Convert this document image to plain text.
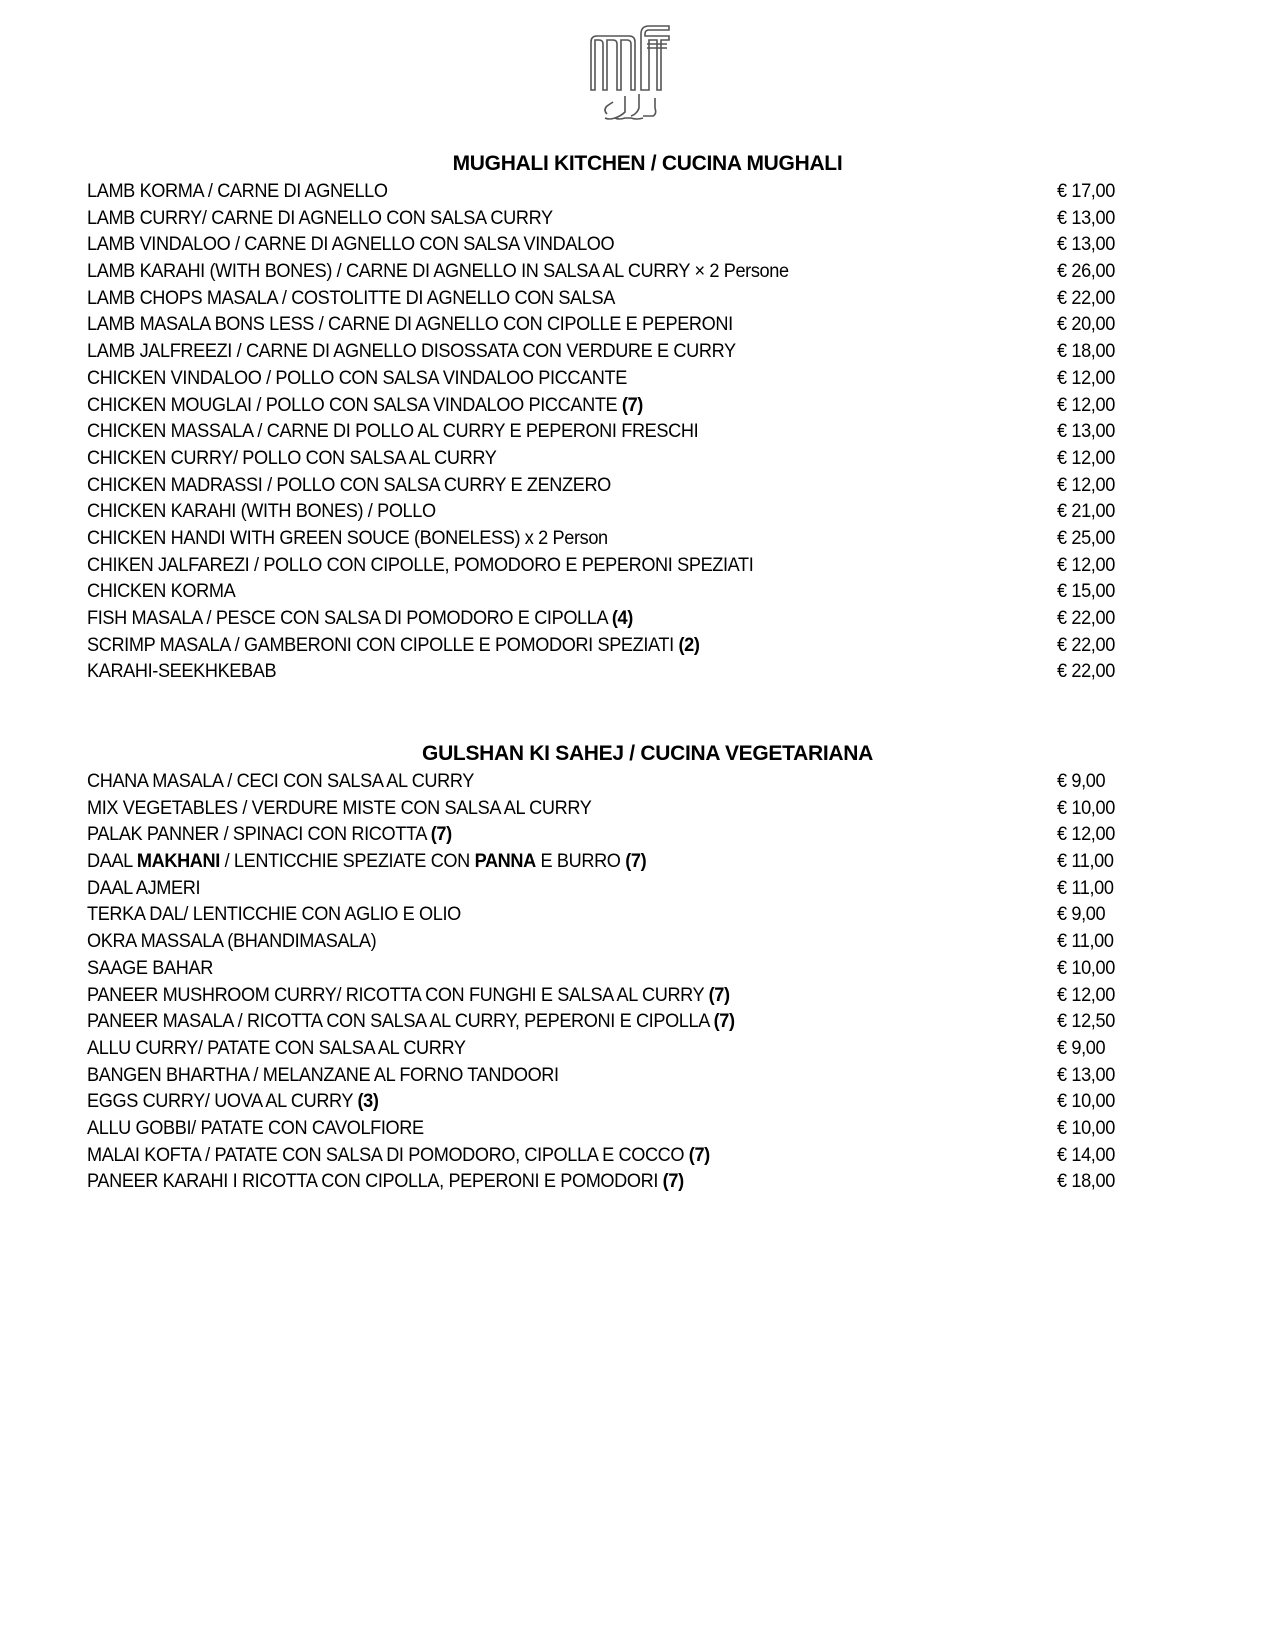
MUGHALI KITCHEN / CUCINA MUGHALI
LAMB KORMA / CARNE DI AGNELLO	€ 17,00
LAMB CURRY/ CARNE DI AGNELLO CON SALSA CURRY	€ 13,00
LAMB VINDALOO / CARNE DI AGNELLO CON SALSA VINDALOO	€ 13,00
LAMB KARAHI (WITH BONES) / CARNE DI AGNELLO IN SALSA AL CURRY × 2 Persone	€ 26,00
LAMB CHOPS MASALA / COSTOLITTE DI AGNELLO CON SALSA	€ 22,00
LAMB MASALA BONS LESS / CARNE DI AGNELLO CON CIPOLLE E PEPERONI	€ 20,00
LAMB JALFREEZI / CARNE DI AGNELLO DISOSSATA CON VERDURE E CURRY	€ 18,00
CHICKEN VINDALOO / POLLO CON SALSA VINDALOO PICCANTE	€ 12,00
CHICKEN MOUGLAI / POLLO CON SALSA VINDALOO PICCANTE (7)	€ 12,00
CHICKEN MASSALA / CARNE DI POLLO AL CURRY E PEPERONI FRESCHI	€ 13,00
CHICKEN CURRY/ POLLO CON SALSA AL CURRY	€ 12,00
CHICKEN MADRASSI / POLLO CON SALSA CURRY E ZENZERO	€ 12,00
CHICKEN KARAHI (WITH BONES) / POLLO	€ 21,00
CHICKEN HANDI WITH GREEN SOUCE (BONELESS) x 2 Person	€ 25,00
CHIKEN JALFAREZI / POLLO CON CIPOLLE, POMODORO E PEPERONI SPEZIATI	€ 12,00
CHICKEN KORMA	€ 15,00
FISH MASALA / PESCE CON SALSA DI POMODORO E CIPOLLA (4)	€ 22,00
SCRIMP MASALA / GAMBERONI CON CIPOLLE E POMODORI SPEZIATI (2)	€ 22,00
KARAHI-SEEKHKEBAB	€ 22,00
GULSHAN KI SAHEJ / CUCINA VEGETARIANA
CHANA MASALA / CECI CON SALSA AL CURRY	€ 9,00
MIX VEGETABLES / VERDURE MISTE CON SALSA AL CURRY	€ 10,00
PALAK PANNER / SPINACI CON RICOTTA (7)	€ 12,00
DAAL MAKHANI / LENTICCHIE SPEZIATE CON PANNA E BURRO (7)	€ 11,00
DAAL AJMERI	€ 11,00
TERKA DAL/ LENTICCHIE CON AGLIO E OLIO	€ 9,00
OKRA MASSALA (BHANDIMASALA)	€ 11,00
SAAGE BAHAR	€ 10,00
PANEER MUSHROOM CURRY/ RICOTTA CON FUNGHI E SALSA AL CURRY (7)	€ 12,00
PANEER MASALA / RICOTTA CON SALSA AL CURRY, PEPERONI E CIPOLLA (7)	€ 12,50
ALLU CURRY/ PATATE CON SALSA AL CURRY	€ 9,00
BANGEN BHARTHA / MELANZANE AL FORNO TANDOORI	€ 13,00
EGGS CURRY/ UOVA AL CURRY (3)	€ 10,00
ALLU GOBBI/ PATATE CON CAVOLFIORE	€ 10,00
MALAI KOFTA / PATATE CON SALSA DI POMODORO, CIPOLLA E COCCO (7)	€ 14,00
PANEER KARAHI I RICOTTA CON CIPOLLA, PEPERONI E POMODORI (7)	€ 18,00
